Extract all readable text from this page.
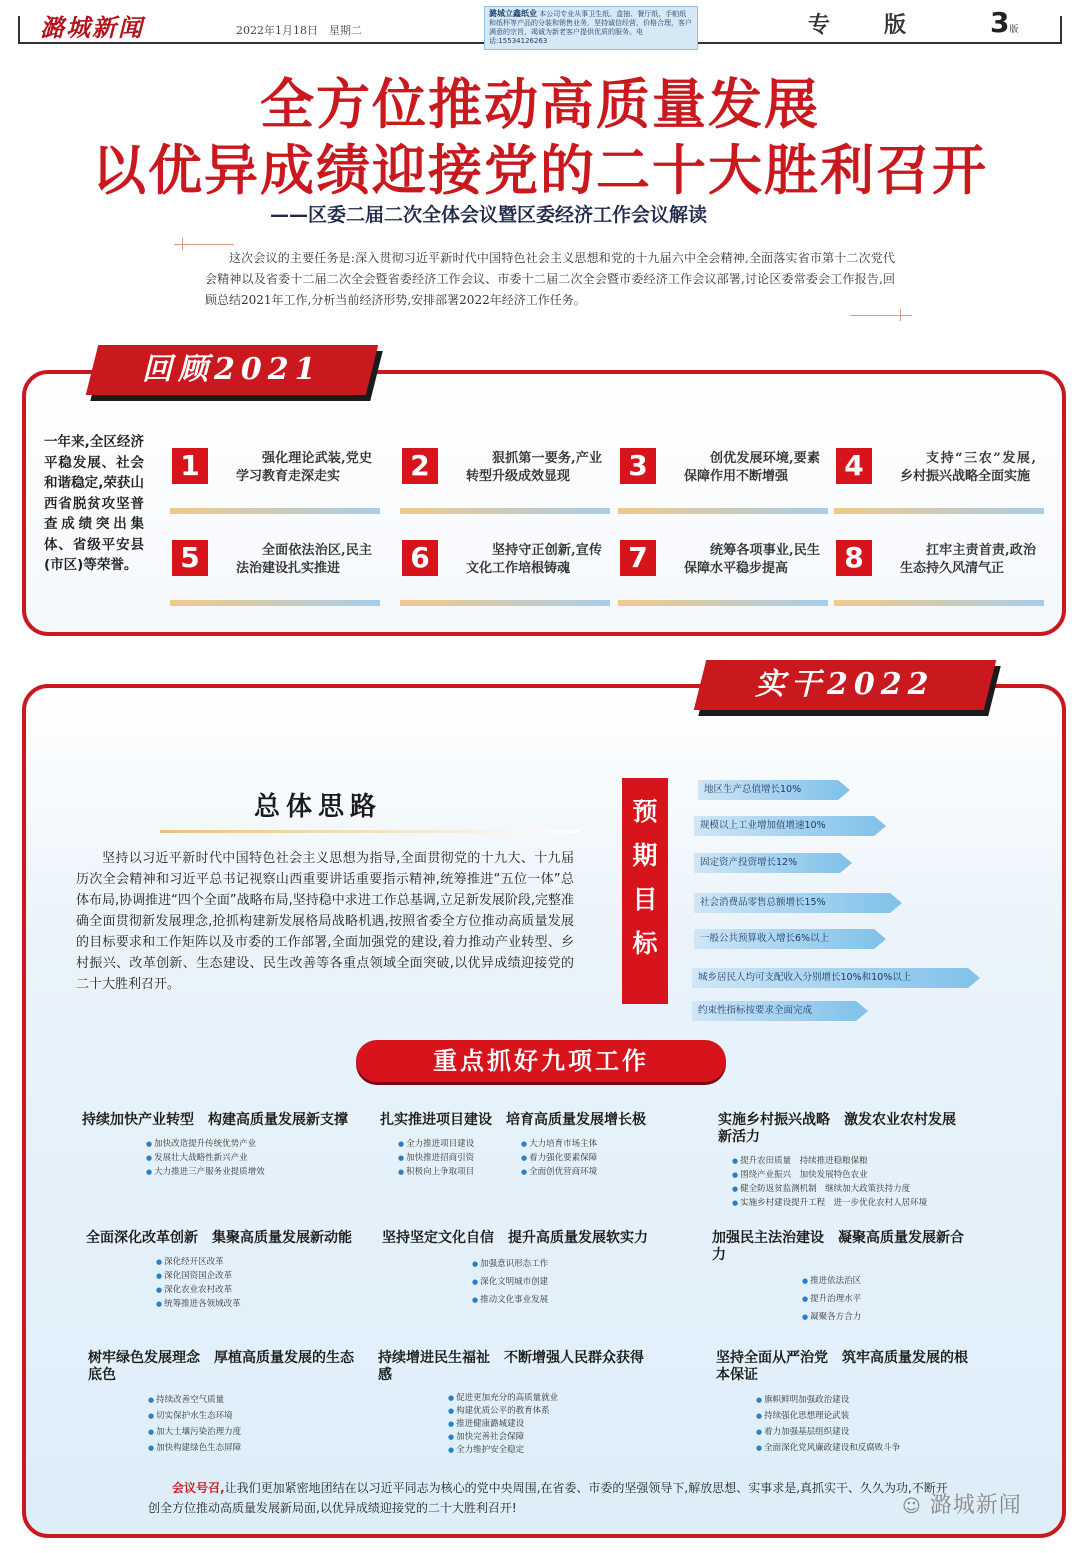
潞城新闻	2022年1月18日　星期二
潞城立鑫纸业 本公司专业从事卫生纸、盒抽、餐厅纸、手帕纸和纸杯等产品的分装和销售业务，坚持诚信经营，价格合理，客户满意的宗旨，竭诚为新老客户提供优质的服务。电话:15534126263
专版 3版
全方位推动高质量发展
以优异成绩迎接党的二十大胜利召开
——区委二届二次全体会议暨区委经济工作会议解读
这次会议的主要任务是:深入贯彻习近平新时代中国特色社会主义思想和党的十九届六中全会精神,全面落实省市第十二次党代会精神以及省委十二届二次全会暨省委经济工作会议、市委十二届二次全会暨市委经济工作会议部署,讨论区委常委会工作报告,回顾总结2021年工作,分析当前经济形势,安排部署2022年经济工作任务。
回顾2021
一年来,全区经济平稳发展、社会和谐稳定,荣获山西省脱贫攻坚普查成绩突出集体、省级平安县(市区)等荣誉。
1	强化理论武装,党史学习教育走深走实	2	狠抓第一要务,产业转型升级成效显现	3	创优发展环境,要素保障作用不断增强	4	支持“三农”发展,乡村振兴战略全面实施
5	全面依法治区,民主法治建设扎实推进	6	坚持守正创新,宣传文化工作培根铸魂	7	统筹各项事业,民生保障水平稳步提高	8	扛牢主责首责,政治生态持久风清气正
实干2022
总体思路
坚持以习近平新时代中国特色社会主义思想为指导,全面贯彻党的十九大、十九届历次全会精神和习近平总书记视察山西重要讲话重要指示精神,统筹推进“五位一体”总体布局,协调推进“四个全面”战略布局,坚持稳中求进工作总基调,立足新发展阶段,完整准确全面贯彻新发展理念,抢抓构建新发展格局战略机遇,按照省委全方位推动高质量发展的目标要求和工作矩阵以及市委的工作部署,全面加强党的建设,着力推动产业转型、乡村振兴、改革创新、生态建设、民生改善等各重点领域全面突破,以优异成绩迎接党的二十大胜利召开。
预
期
目
标
地区生产总值增长10%
规模以上工业增加值增速10%
固定资产投资增长12%
社会消费品零售总额增长15%
一般公共预算收入增长6%以上
城乡居民人均可支配收入分别增长10%和10%以上
约束性指标按要求全面完成
重点抓好九项工作
持续加快产业转型　构建高质量发展新支撑
● 加快改造提升传统优势产业
● 发展壮大战略性新兴产业
● 大力推进三产服务业提质增效
扎实推进项目建设　培育高质量发展增长极
● 全力推进项目建设
● 加快推进招商引资
● 积极向上争取项目
● 大力培育市场主体
● 着力强化要素保障
● 全面创优营商环境
实施乡村振兴战略　激发农业农村发展新活力
● 提升农田质量　持续推进稳粮保粮
● 围绕产业振兴　加快发展特色农业
● 健全防返贫监测机制　继续加大政策扶持力度
● 实施乡村建设提升工程　进一步优化农村人居环境
全面深化改革创新　集聚高质量发展新动能
● 深化经开区改革
● 深化国资国企改革
● 深化农业农村改革
● 统筹推进各领域改革
坚持坚定文化自信　提升高质量发展软实力
● 加强意识形态工作
● 深化文明城市创建
● 推动文化事业发展
加强民主法治建设　凝聚高质量发展新合力
● 推进依法治区
● 提升治理水平
● 凝聚各方合力
树牢绿色发展理念　厚植高质量发展的生态底色
● 持续改善空气质量
● 切实保护水生态环境
● 加大土壤污染治理力度
● 加快构建绿色生态屏障
持续增进民生福祉　不断增强人民群众获得感
● 促进更加充分的高质量就业
● 构建优质公平的教育体系
● 推进健康潞城建设
● 加快完善社会保障
● 全力维护安全稳定
坚持全面从严治党　筑牢高质量发展的根本保证
● 旗帜鲜明加强政治建设
● 持续强化思想理论武装
● 着力加强基层组织建设
● 全面深化党风廉政建设和反腐败斗争
会议号召,让我们更加紧密地团结在以习近平同志为核心的党中央周围,在省委、市委的坚强领导下,解放思想、实事求是,真抓实干、久久为功,不断开创全方位推动高质量发展新局面,以优异成绩迎接党的二十大胜利召开!	☺ 潞城新闻
